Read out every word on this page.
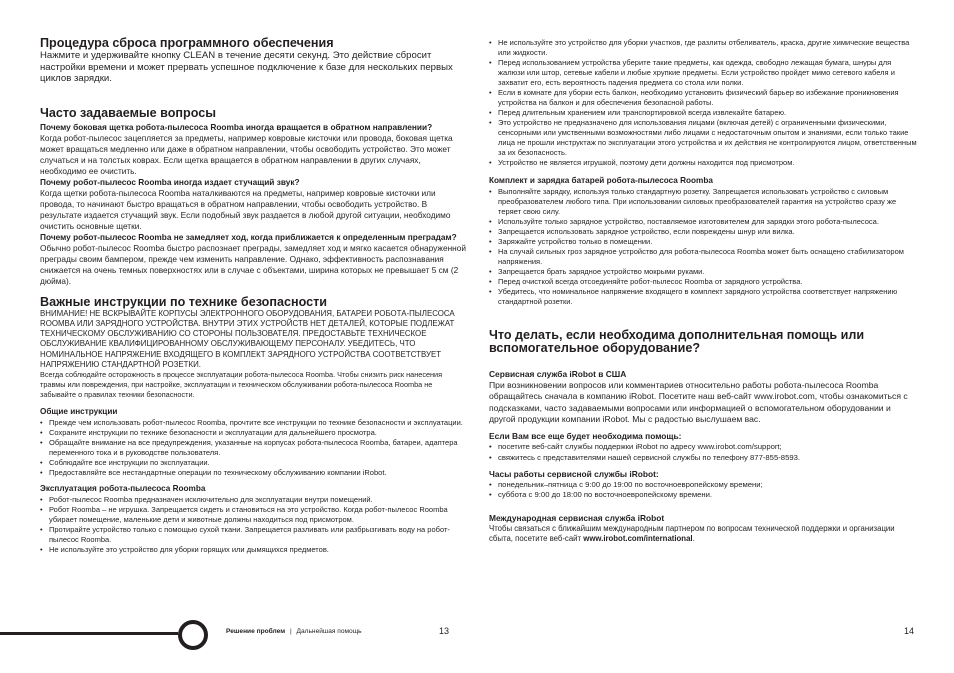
Процедура сброса программного обеспечения

Нажмите и удерживайте кнопку CLEAN в течение десяти секунд. Это действие сбросит настройки времени и может прервать успешное подключение к базе для нескольких первых циклов зарядки.

Часто задаваемые вопросы

Почему боковая щетка робота-пылесоса Roomba иногда вращается в обратном направлении?

Когда робот-пылесос зацепляется за предметы, например ковровые кисточки или провода, боковая щетка может вращаться медленно или даже в обратном направлении, чтобы освободить устройство. Это может случаться и на толстых коврах. Если щетка вращается в обратном направлении в других случаях, необходимо ее очистить.

Почему робот-пылесос Roomba иногда издает стучащий звук?

Когда щетки робота-пылесоса Roomba наталкиваются на предметы, например ковровые кисточки или провода, то начинают быстро вращаться в обратном направлении, чтобы освободить устройство. В результате издается стучащий звук. Если подобный звук раздается в любой другой ситуации, необходимо очистить основные щетки.

Почему робот-пылесос Roomba не замедляет ход, когда приближается к определенным преградам?

Обычно робот-пылесос Roomba быстро распознает преграды, замедляет ход и мягко касается обнаруженной преграды своим бампером, прежде чем изменить направление. Однако, эффективность распознавания снижается на очень темных поверхностях или в случае с объектами, ширина которых не превышает 5 см (2 дюйма).

Важные инструкции по технике безопасности

ВНИМАНИЕ! НЕ ВСКРЫВАЙТЕ КОРПУСЫ ЭЛЕКТРОННОГО ОБОРУДОВАНИЯ, БАТАРЕИ РОБОТА-ПЫЛЕСОСА ROOMBA ИЛИ ЗАРЯДНОГО УСТРОЙСТВА. ВНУТРИ ЭТИХ УСТРОЙСТВ НЕТ ДЕТАЛЕЙ, КОТОРЫЕ ПОДЛЕЖАТ ТЕХНИЧЕСКОМУ ОБСЛУЖИВАНИЮ СО СТОРОНЫ ПОЛЬЗОВАТЕЛЯ. ПРЕДОСТАВЬТЕ ТЕХНИЧЕСКОЕ ОБСЛУЖИВАНИЕ КВАЛИФИЦИРОВАННОМУ ОБСЛУЖИВАЮЩЕМУ ПЕРСОНАЛУ. УБЕДИТЕСЬ, ЧТО НОМИНАЛЬНОЕ НАПРЯЖЕНИЕ ВХОДЯЩЕГО В КОМПЛЕКТ ЗАРЯДНОГО УСТРОЙСТВА СООТВЕТСТВУЕТ НАПРЯЖЕНИЮ СТАНДАРТНОЙ РОЗЕТКИ.

Всегда соблюдайте осторожность в процессе эксплуатации робота-пылесоса Roomba. Чтобы снизить риск нанесения травмы или повреждения, при настройке, эксплуатации и техническом обслуживании робота-пылесоса Roomba не забывайте о правилах техники безопасности.

Общие инструкции
• Прежде чем использовать робот-пылесос Roomba, прочтите все инструкции по технике безопасности и эксплуатации.
• Сохраните инструкции по технике безопасности и эксплуатации для дальнейшего просмотра.
• Обращайте внимание на все предупреждения, указанные на корпусах робота-пылесоса Roomba, батареи, адаптера переменного тока и в руководстве пользователя.
• Соблюдайте все инструкции по эксплуатации.
• Предоставляйте все нестандартные операции по техническому обслуживанию компании iRobot.
Эксплуатация робота-пылесоса Roomba
• Робот-пылесос Roomba предназначен исключительно для эксплуатации внутри помещений.
• Робот Roomba – не игрушка. Запрещается сидеть и становиться на это устройство. Когда робот-пылесос Roomba убирает помещение, маленькие дети и животные должны находиться под присмотром.
• Протирайте устройство только с помощью сухой ткани. Запрещается разливать или разбрызгивать воду на робот-пылесос Roomba.
• Не используйте это устройство для уборки горящих или дымящихся предметов.
• Не используйте это устройство для уборки участков, где разлиты отбеливатель, краска, другие химические вещества или жидкости.
• Перед использованием устройства уберите такие предметы, как одежда, свободно лежащая бумага, шнуры для жалюзи или штор, сетевые кабели и любые хрупкие предметы. Если устройство пройдет мимо сетевого кабеля и захватит его, есть вероятность падения предмета со стола или полки.
• Если в комнате для уборки есть балкон, необходимо установить физический барьер во избежание проникновения устройства на балкон и для обеспечения безопасной работы.
• Перед длительным хранением или транспортировкой всегда извлекайте батарею.
• Это устройство не предназначено для использования лицами (включая детей) с ограниченными физическими, сенсорными или умственными возможностями либо лицами с недостаточным опытом и знаниями, если только такие лица не прошли инструктаж по эксплуатации этого устройства и их действия не контролируются лицом, ответственным за их безопасность.
• Устройство не является игрушкой, поэтому дети должны находится под присмотром.
Комплект и зарядка батарей робота-пылесоса Roomba
• Выполняйте зарядку, используя только стандартную розетку. Запрещается использовать устройство с силовым преобразователем любого типа. При использовании силовых преобразователей гарантия на устройство сразу же теряет свою силу.
• Используйте только зарядное устройство, поставляемое изготовителем для зарядки этого робота-пылесоса.
• Запрещается использовать зарядное устройство, если повреждены шнур или вилка.
• Заряжайте устройство только в помещении.
• На случай сильных гроз зарядное устройство для робота-пылесоса Roomba может быть оснащено стабилизатором напряжения.
• Запрещается брать зарядное устройство мокрыми руками.
• Перед очисткой всегда отсоединяйте робот-пылесос Roomba от зарядного устройства.
• Убедитесь, что номинальное напряжение входящего в комплект зарядного устройства соответствует напряжению стандартной розетки.
Что делать, если необходима дополнительная помощь или вспомогательное оборудование?

Сервисная служба iRobot в США

При возникновении вопросов или комментариев относительно работы робота-пылесоса Roomba обращайтесь сначала в компанию iRobot. Посетите наш веб-сайт www.irobot.com, чтобы ознакомиться с подсказками, часто задаваемыми вопросами или информацией о вспомогательном оборудовании и другой продукции компании iRobot. Мы с радостью выслушаем вас.

Если Вам все еще будет необходима помощь:

• посетите веб-сайт службы поддержки iRobot по адресу www.irobot.com/support;
• свяжитесь с представителями нашей сервисной службы по телефону 877-855-8593.

Часы работы сервисной службы iRobot:

• понедельник–пятница с 9:00 до 19:00 по восточноевропейскому времени;
• суббота с 9:00 до 18:00 по восточноевропейскому времени.

Международная сервисная служба iRobot

Чтобы связаться с ближайшим международным партнером по вопросам технической поддержки и организации сбыта, посетите веб-сайт www.irobot.com/international.

Решение проблем | Дальнейшая помощь	13	14
